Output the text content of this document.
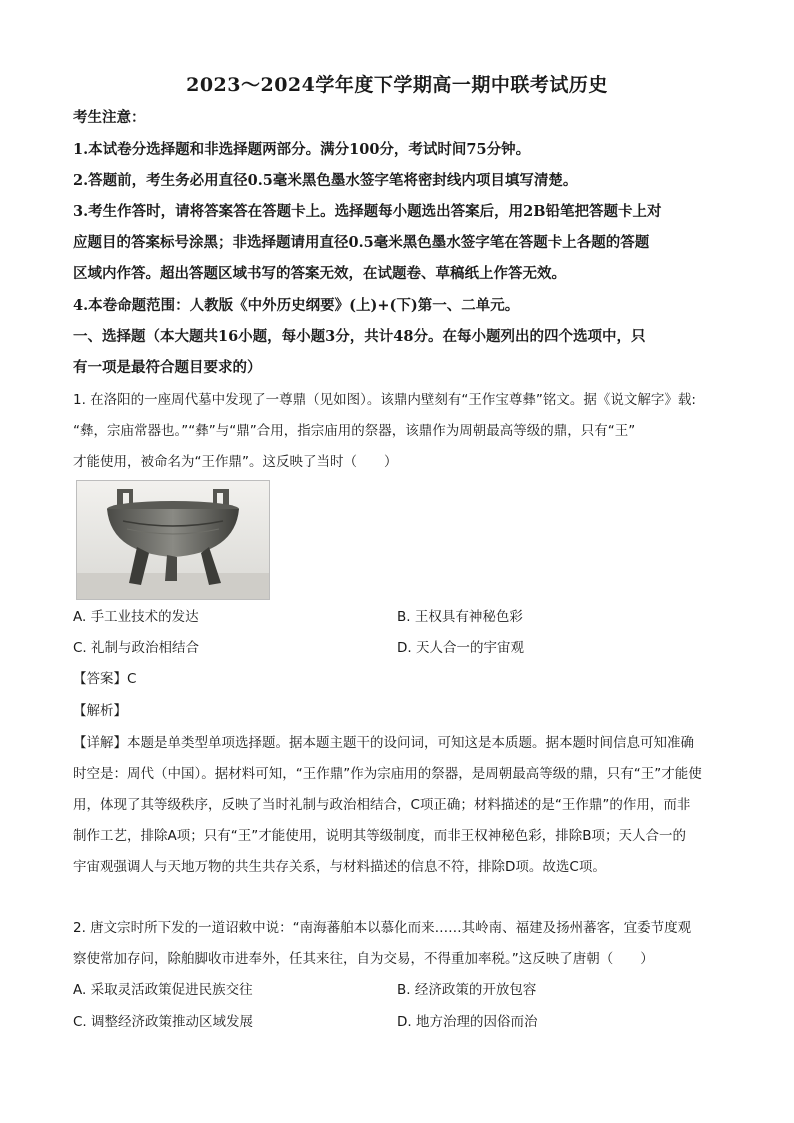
2023～2024学年度下学期高一期中联考试历史
考生注意：
1.本试卷分选择题和非选择题两部分。满分100分，考试时间75分钟。
2.答题前，考生务必用直径0.5毫米黑色墨水签字笔将密封线内项目填写清楚。
3.考生作答时，请将答案答在答题卡上。选择题每小题选出答案后，用2B铅笔把答题卡上对
应题目的答案标号涂黑；非选择题请用直径0.5毫米黑色墨水签字笔在答题卡上各题的答题
区域内作答。超出答题区域书写的答案无效，在试题卷、草稿纸上作答无效。
4.本卷命题范围：人教版《中外历史纲要》(上)+(下)第一、二单元。
一、选择题（本大题共16小题，每小题3分，共计48分。在每小题列出的四个选项中，只
有一项是最符合题目要求的）
1. 在洛阳的一座周代墓中发现了一尊鼎（见如图）。该鼎内壁刻有“王作宝尊彝”铭文。据《说文解字》载:
“彝，宗庙常器也。”“彝”与“鼎”合用，指宗庙用的祭器，该鼎作为周朝最高等级的鼎，只有“王”
才能使用，被命名为“王作鼎”。这反映了当时（　　）
A. 手工业技术的发达	B. 王权具有神秘色彩
C. 礼制与政治相结合	D. 天人合一的宇宙观
【答案】C
【解析】
【详解】本题是单类型单项选择题。据本题主题干的设问词，可知这是本质题。据本题时间信息可知准确
时空是：周代（中国）。据材料可知，“王作鼎”作为宗庙用的祭器，是周朝最高等级的鼎，只有“王”才能使
用，体现了其等级秩序，反映了当时礼制与政治相结合，C项正确；材料描述的是“王作鼎”的作用，而非
制作工艺，排除A项；只有“王”才能使用，说明其等级制度，而非王权神秘色彩，排除B项；天人合一的
宇宙观强调人与天地万物的共生共存关系，与材料描述的信息不符，排除D项。故选C项。
2. 唐文宗时所下发的一道诏敕中说：“南海蕃舶本以慕化而来……其岭南、福建及扬州蕃客，宜委节度观
察使常加存问，除舶脚收市进奉外，任其来往，自为交易，不得重加率税。”这反映了唐朝（　　）
A. 采取灵活政策促进民族交往	B. 经济政策的开放包容
C. 调整经济政策推动区域发展	D. 地方治理的因俗而治
